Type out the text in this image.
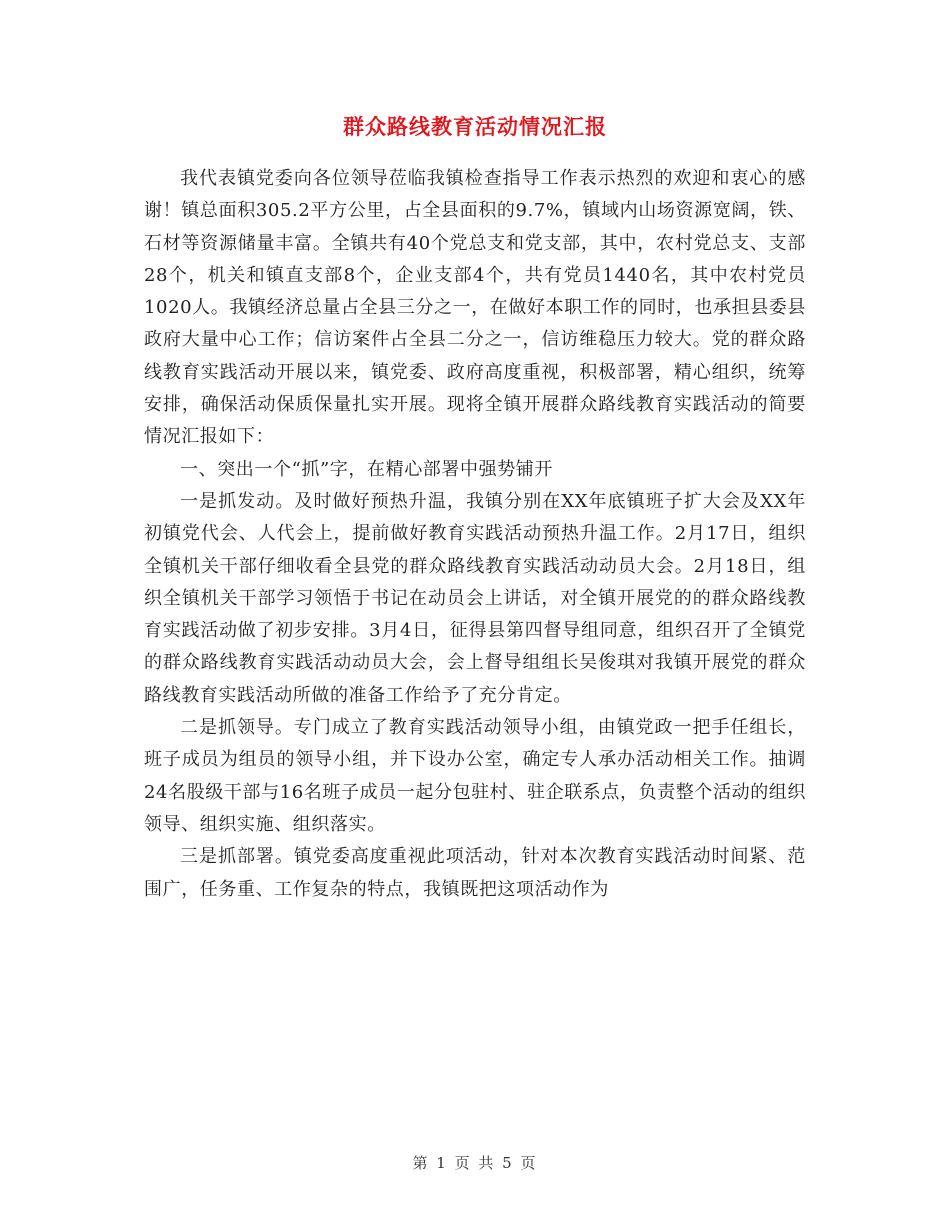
群众路线教育活动情况汇报

我代表镇党委向各位领导莅临我镇检查指导工作表示热烈的欢迎和衷心的感谢！镇总面积305.2平方公里，占全县面积的9.7%，镇域内山场资源宽阔，铁、石材等资源储量丰富。全镇共有40个党总支和党支部，其中，农村党总支、支部28个，机关和镇直支部8个，企业支部4个，共有党员1440名，其中农村党员1020人。我镇经济总量占全县三分之一，在做好本职工作的同时，也承担县委县政府大量中心工作；信访案件占全县二分之一，信访维稳压力较大。党的群众路线教育实践活动开展以来，镇党委、政府高度重视，积极部署，精心组织，统筹安排，确保活动保质保量扎实开展。现将全镇开展群众路线教育实践活动的简要情况汇报如下：

一、突出一个“抓”字，在精心部署中强势铺开

一是抓发动。及时做好预热升温，我镇分别在XX年底镇班子扩大会及XX年初镇党代会、人代会上，提前做好教育实践活动预热升温工作。2月17日，组织全镇机关干部仔细收看全县党的群众路线教育实践活动动员大会。2月18日，组织全镇机关干部学习领悟于书记在动员会上讲话，对全镇开展党的的群众路线教育实践活动做了初步安排。3月4日，征得县第四督导组同意，组织召开了全镇党的群众路线教育实践活动动员大会，会上督导组组长吴俊琪对我镇开展党的群众路线教育实践活动所做的准备工作给予了充分肯定。

二是抓领导。专门成立了教育实践活动领导小组，由镇党政一把手任组长，班子成员为组员的领导小组，并下设办公室，确定专人承办活动相关工作。抽调24名股级干部与16名班子成员一起分包驻村、驻企联系点，负责整个活动的组织领导、组织实施、组织落实。

三是抓部署。镇党委高度重视此项活动，针对本次教育实践活动时间紧、范围广，任务重、工作复杂的特点，我镇既把这项活动作为

第 1 页 共 5 页
